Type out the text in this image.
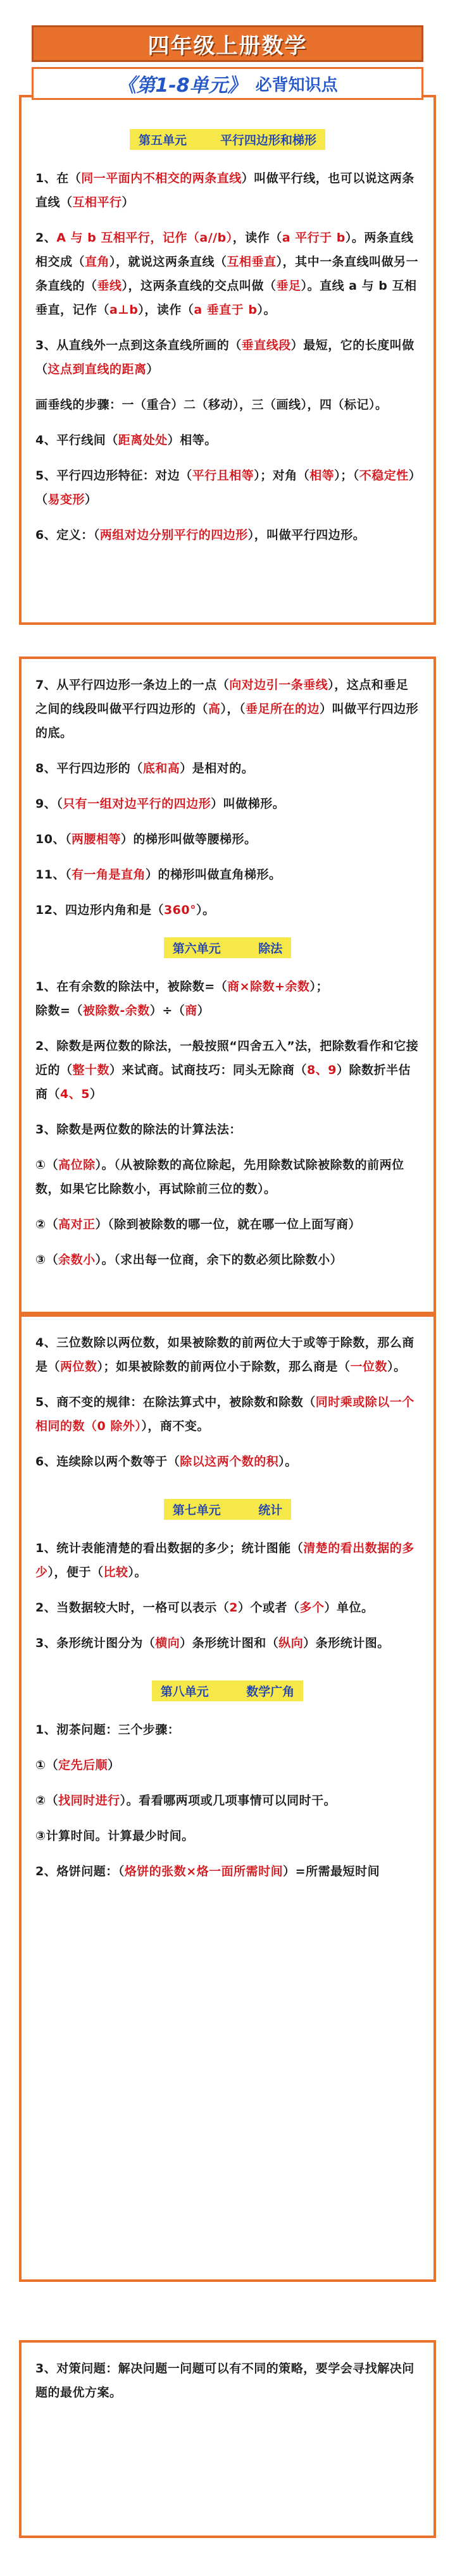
第五单元        平行四边形和梯形

1、在（同一平面内不相交的两条直线）叫做平行线，也可以说这两条直线（互相平行）

2、A 与 b 互相平行，记作（a//b），读作（a 平行于 b）。两条直线相交成（直角），就说这两条直线（互相垂直），其中一条直线叫做另一条直线的（垂线），这两条直线的交点叫做（垂足）。直线 a 与 b 互相垂直，记作（a⊥b），读作（a 垂直于 b）。

3、从直线外一点到这条直线所画的（垂直线段）最短，它的长度叫做（这点到直线的距离）

画垂线的步骤：一（重合）二（移动），三（画线），四（标记）。

4、平行线间（距离处处）相等。

5、平行四边形特征：对边（平行且相等）；对角（相等）；（不稳定性）（易变形）

6、定义：（两组对边分别平行的四边形），叫做平行四边形。

四年级上册数学
《第1-8单元》 必背知识点

7、从平行四边形一条边上的一点（向对边引一条垂线），这点和垂足之间的线段叫做平行四边形的（高），（垂足所在的边）叫做平行四边形的底。

8、平行四边形的（底和高）是相对的。

9、（只有一组对边平行的四边形）叫做梯形。

10、（两腰相等）的梯形叫做等腰梯形。

11、（有一角是直角）的梯形叫做直角梯形。

12、四边形内角和是（360°）。

第六单元         除法

1、在有余数的除法中，被除数=（商×除数+余数）；
除数=（被除数-余数）÷（商）

2、除数是两位数的除法，一般按照“四舍五入”法，把除数看作和它接近的（整十数）来试商。试商技巧：同头无除商（8、9）除数折半估商（4、5）

3、除数是两位数的除法的计算法法：

①（高位除）。（从被除数的高位除起，先用除数试除被除数的前两位数，如果它比除数小，再试除前三位的数）。

②（高对正）（除到被除数的哪一位，就在哪一位上面写商）

③（余数小）。（求出每一位商，余下的数必须比除数小）

4、三位数除以两位数，如果被除数的前两位大于或等于除数，那么商是（两位数）；如果被除数的前两位小于除数，那么商是（一位数）。

5、商不变的规律：在除法算式中，被除数和除数（同时乘或除以一个相同的数（0 除外）），商不变。

6、连续除以两个数等于（除以这两个数的积）。

第七单元         统计

1、统计表能清楚的看出数据的多少；统计图能（清楚的看出数据的多少），便于（比较）。

2、当数据较大时，一格可以表示（2）个或者（多个）单位。

3、条形统计图分为（横向）条形统计图和（纵向）条形统计图。

第八单元         数学广角

1、沏茶问题：三个步骤：

①（定先后顺）

②（找同时进行）。看看哪两项或几项事情可以同时干。

③计算时间。计算最少时间。

2、烙饼问题：（烙饼的张数×烙一面所需时间）=所需最短时间

3、对策问题：解决问题一问题可以有不同的策略，要学会寻找解决问题的最优方案。
